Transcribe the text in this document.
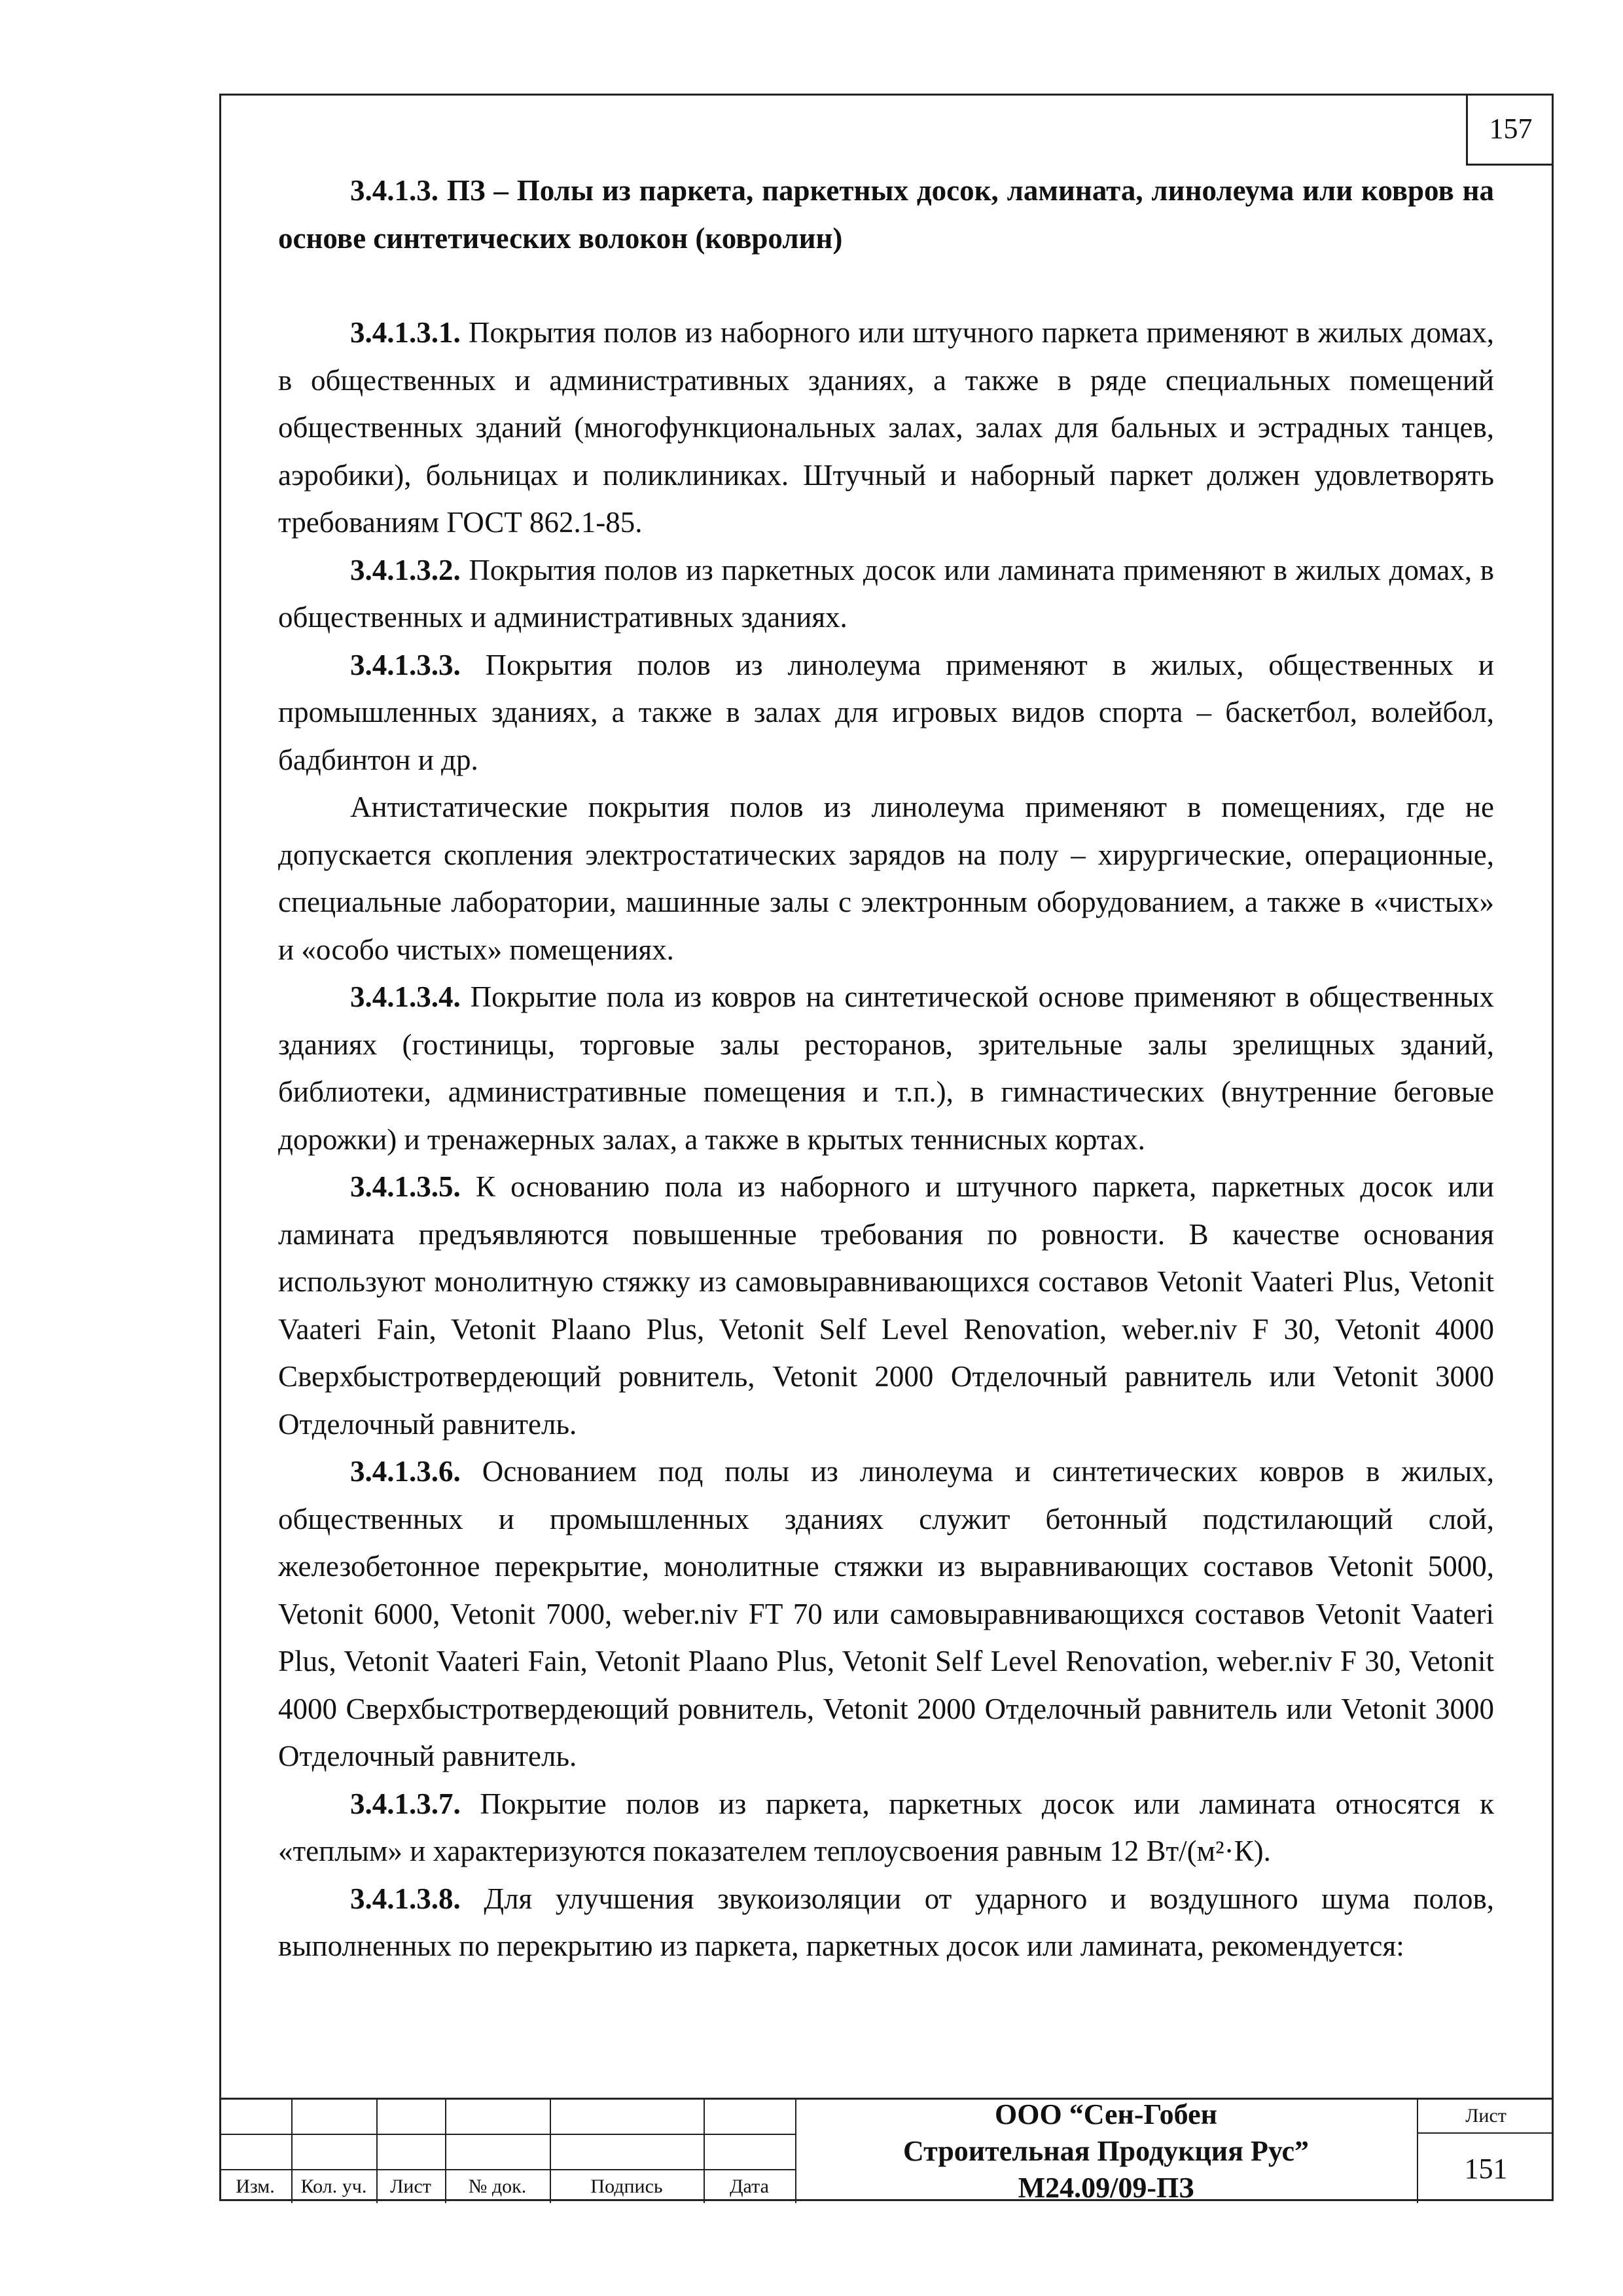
157

3.4.1.3. ПЗ – Полы из паркета, паркетных досок, ламината, линолеума или ковров на основе синтетических волокон (ковролин)

3.4.1.3.1. Покрытия полов из наборного или штучного паркета применяют в жилых домах, в общественных и административных зданиях, а также в ряде специальных помещений общественных зданий (многофункциональных залах, залах для бальных и эстрадных танцев, аэробики), больницах и поликлиниках. Штучный и наборный паркет должен удовлетворять требованиям ГОСТ 862.1-85.

3.4.1.3.2. Покрытия полов из паркетных досок или ламината применяют в жилых домах, в общественных и административных зданиях.

3.4.1.3.3. Покрытия полов из линолеума применяют в жилых, общественных и промышленных зданиях, а также в залах для игровых видов спорта – баскетбол, волейбол, бадбинтон и др.

Антистатические покрытия полов из линолеума применяют в помещениях, где не допускается скопления электростатических зарядов на полу – хирургические, операционные, специальные лаборатории, машинные залы с электронным оборудованием, а также в «чистых» и «особо чистых» помещениях.

3.4.1.3.4. Покрытие пола из ковров на синтетической основе применяют в общественных зданиях (гостиницы, торговые залы ресторанов, зрительные залы зрелищных зданий, библиотеки, административные помещения и т.п.), в гимнастических (внутренние беговые дорожки) и тренажерных залах, а также в крытых теннисных кортах.

3.4.1.3.5. К основанию пола из наборного и штучного паркета, паркетных досок или ламината предъявляются повышенные требования по ровности. В качестве основания используют монолитную стяжку из самовыравнивающихся составов Vetonit Vaateri Plus, Vetonit Vaateri Fain, Vetonit Plaano Plus, Vetonit Self Level Renovation, weber.niv F 30, Vetonit 4000 Сверхбыстротвердеющий ровнитель, Vetonit 2000 Отделочный равнитель или Vetonit 3000 Отделочный равнитель.

3.4.1.3.6. Основанием под полы из линолеума и синтетических ковров в жилых, общественных и промышленных зданиях служит бетонный подстилающий слой, железобетонное перекрытие, монолитные стяжки из выравнивающих составов Vetonit 5000, Vetonit 6000, Vetonit 7000, weber.niv FT 70 или самовыравнивающихся составов Vetonit Vaateri Plus, Vetonit Vaateri Fain, Vetonit Plaano Plus, Vetonit Self Level Renovation, weber.niv F 30, Vetonit 4000 Сверхбыстротвердеющий ровнитель, Vetonit 2000 Отделочный равнитель или Vetonit 3000 Отделочный равнитель.

3.4.1.3.7. Покрытие полов из паркета, паркетных досок или ламината относятся к «теплым» и характеризуются показателем теплоусвоения равным 12 Вт/(м²·К).

3.4.1.3.8. Для улучшения звукоизоляции от ударного и воздушного шума полов, выполненных по перекрытию из паркета, паркетных досок или ламината, рекомендуется:

Изм.	Кол. уч.	Лист	№ док.	Подпись	Дата
ООО “Сен-Гобен
Строительная Продукция Рус”
М24.09/09-ПЗ
Лист
151
